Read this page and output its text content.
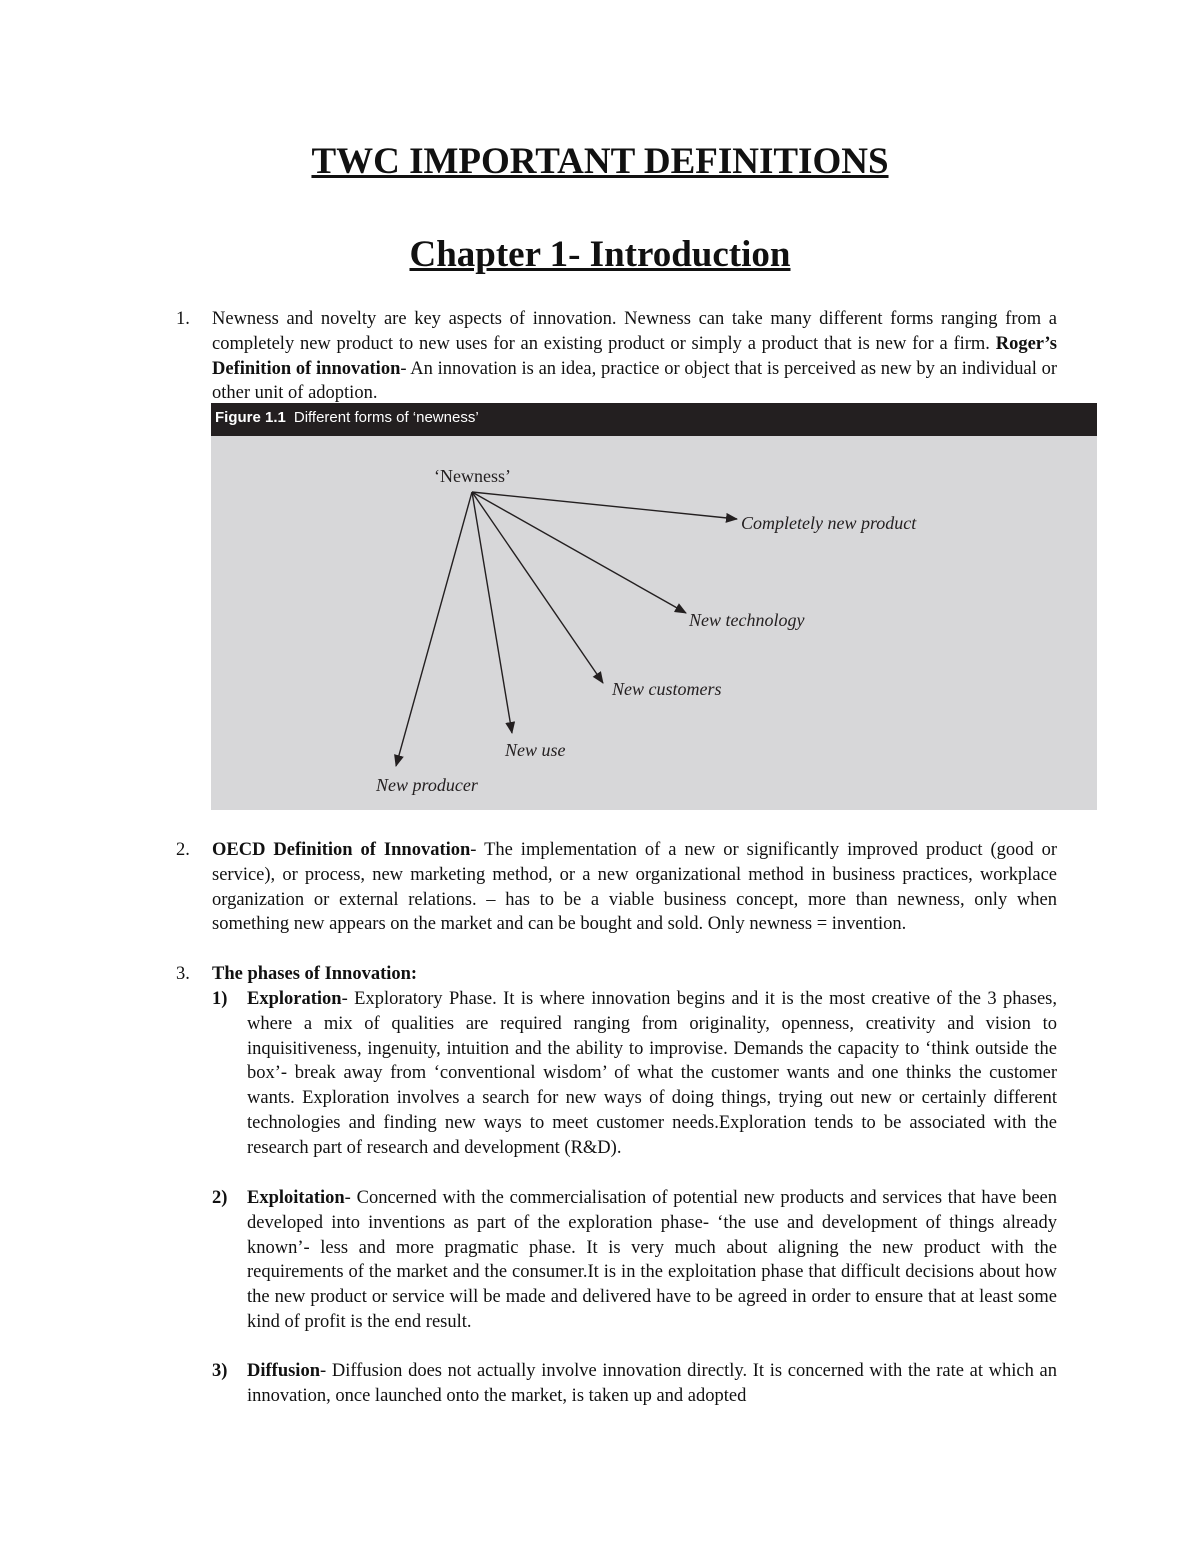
TWC IMPORTANT DEFINITIONS
Chapter 1- Introduction
1. Newness and novelty are key aspects of innovation. Newness can take many different forms ranging from a completely new product to new uses for an existing product or simply a product that is new for a firm. Roger’s Definition of innovation- An innovation is an idea, practice or object that is perceived as new by an individual or other unit of adoption.
Figure 1.1 Different forms of ‘newness’
‘Newness’
Completely new product
New technology
New customers
New use
New producer
2. OECD Definition of Innovation- The implementation of a new or significantly improved product (good or service), or process, new marketing method, or a new organizational method in business practices, workplace organization or external relations. – has to be a viable business concept, more than newness, only when something new appears on the market and can be bought and sold. Only newness = invention.
3. The phases of Innovation:
1) Exploration- Exploratory Phase. It is where innovation begins and it is the most creative of the 3 phases, where a mix of qualities are required ranging from originality, openness, creativity and vision to inquisitiveness, ingenuity, intuition and the ability to improvise. Demands the capacity to ‘think outside the box’- break away from ‘conventional wisdom’ of what the customer wants and one thinks the customer wants. Exploration involves a search for new ways of doing things, trying out new or certainly different technologies and finding new ways to meet customer needs.Exploration tends to be associated with the research part of research and development (R&D).
2) Exploitation- Concerned with the commercialisation of potential new products and services that have been developed into inventions as part of the exploration phase- ‘the use and development of things already known’- less and more pragmatic phase. It is very much about aligning the new product with the requirements of the market and the consumer.It is in the exploitation phase that difficult decisions about how the new product or service will be made and delivered have to be agreed in order to ensure that at least some kind of profit is the end result.
3) Diffusion- Diffusion does not actually involve innovation directly. It is concerned with the rate at which an innovation, once launched onto the market, is taken up and adopted
